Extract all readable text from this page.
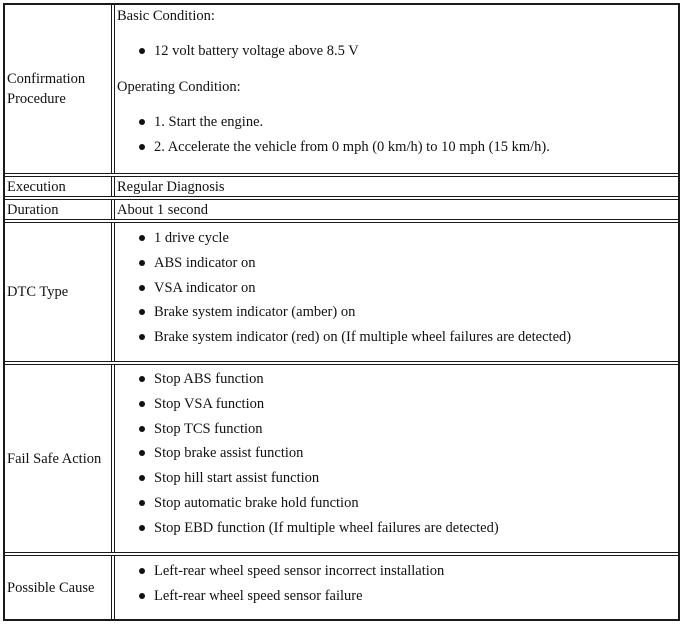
Confirmation Procedure
Basic Condition:
12 volt battery voltage above 8.5 V
Operating Condition:
1. Start the engine.
2. Accelerate the vehicle from 0 mph (0 km/h) to 10 mph (15 km/h).
Execution	Regular Diagnosis
Duration	About 1 second
DTC Type
1 drive cycle
ABS indicator on
VSA indicator on
Brake system indicator (amber) on
Brake system indicator (red) on (If multiple wheel failures are detected)
Fail Safe Action
Stop ABS function
Stop VSA function
Stop TCS function
Stop brake assist function
Stop hill start assist function
Stop automatic brake hold function
Stop EBD function (If multiple wheel failures are detected)
Possible Cause
Left-rear wheel speed sensor incorrect installation
Left-rear wheel speed sensor failure
